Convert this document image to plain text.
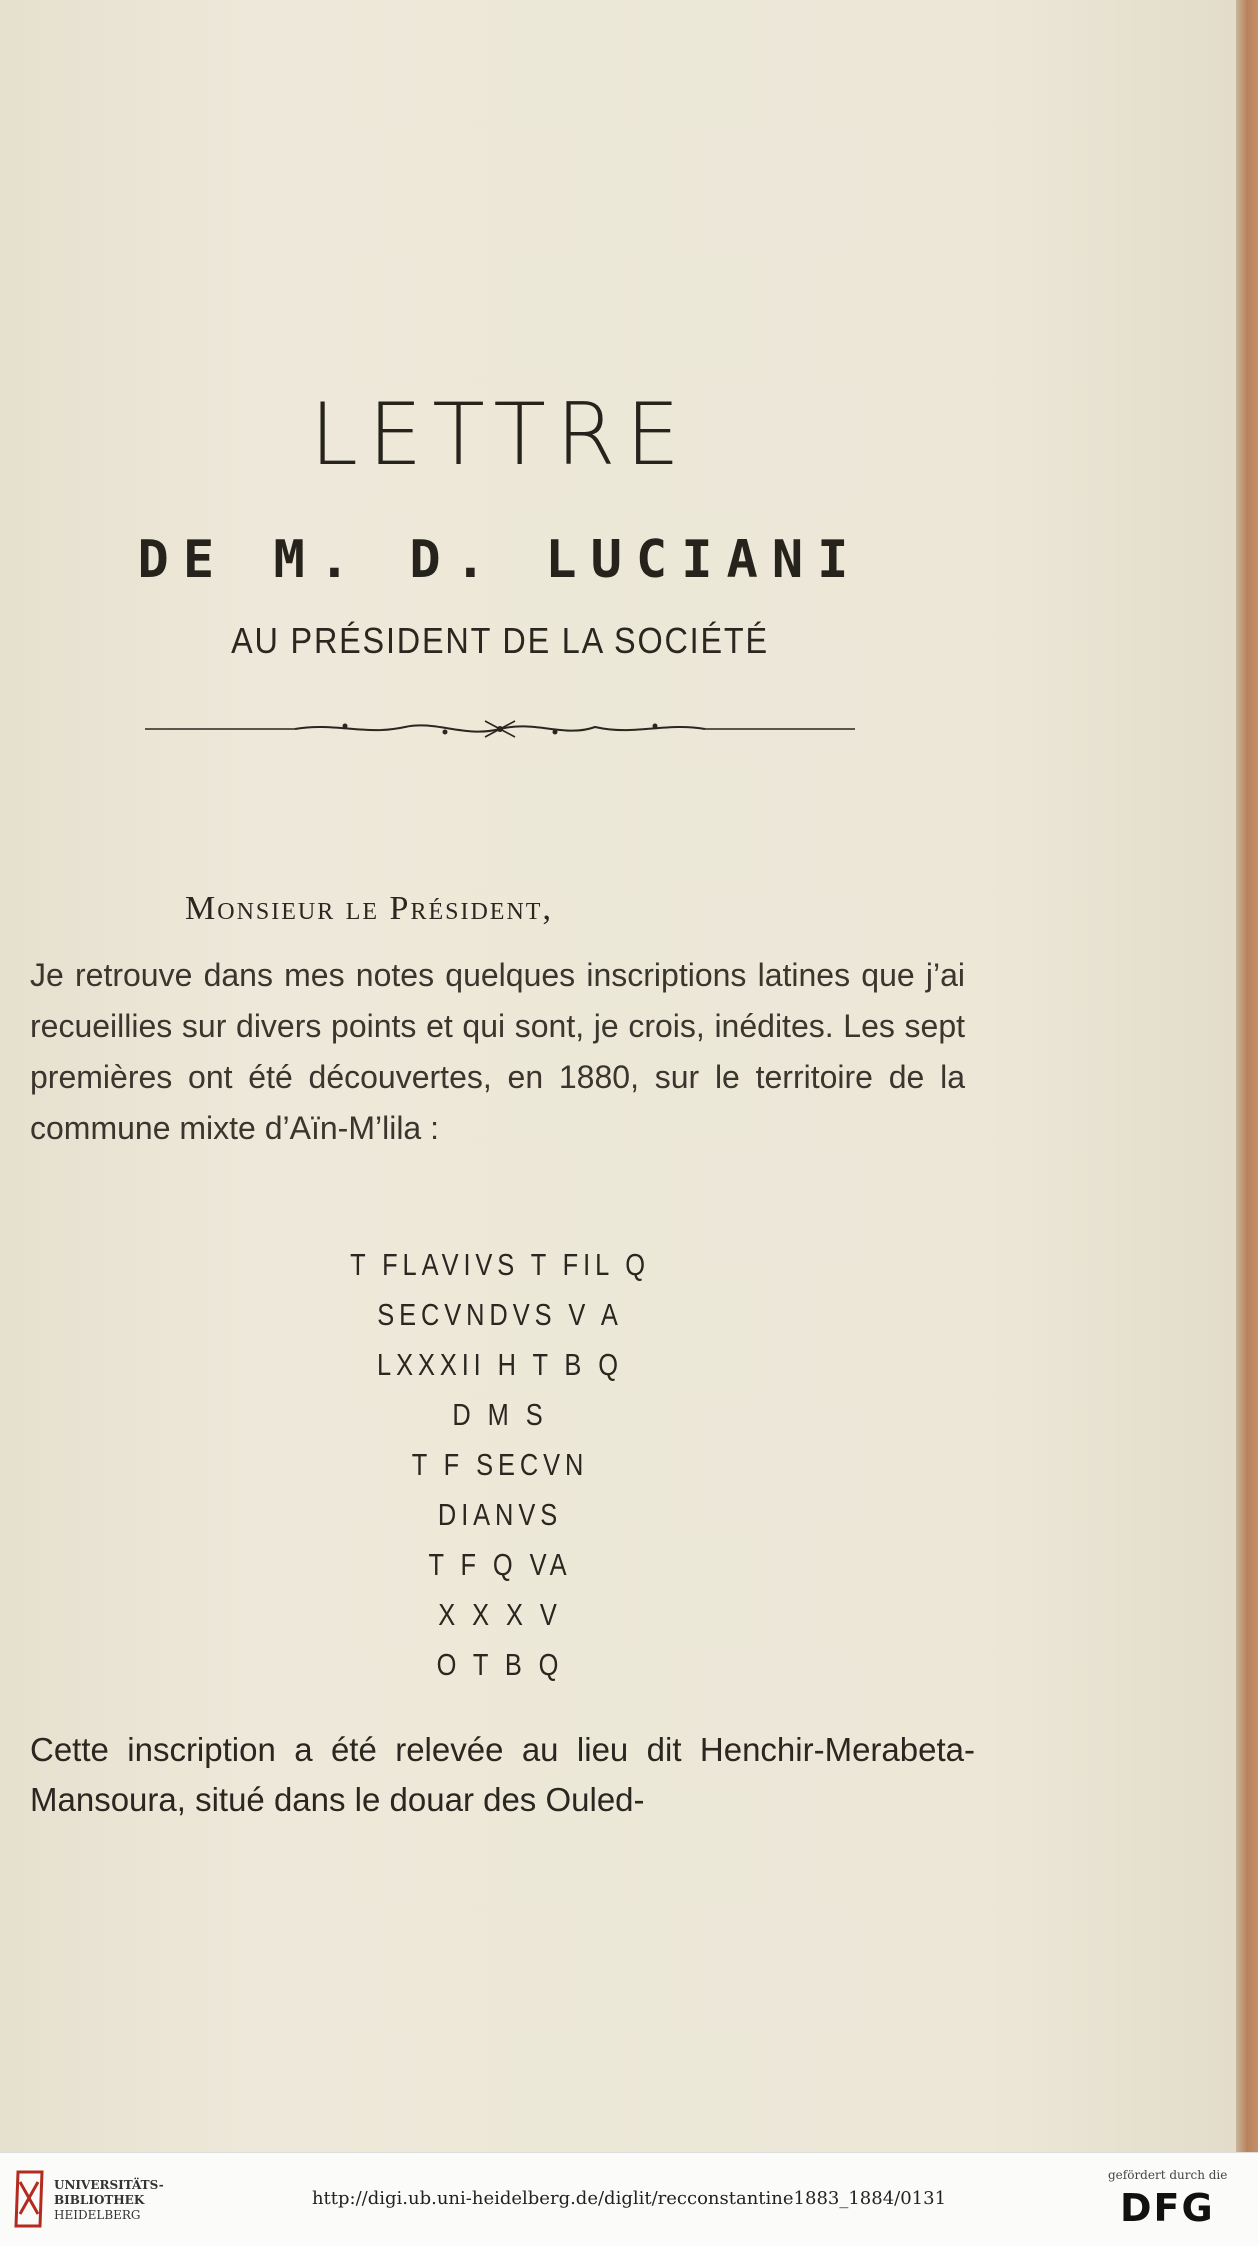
LETTRE
DE M. D. LUCIANI
AU PRÉSIDENT DE LA SOCIÉTÉ
Monsieur le Président,
Je retrouve dans mes notes quelques inscriptions latines que j’ai recueillies sur divers points et qui sont, je crois, inédites. Les sept premières ont été découvertes, en 1880, sur le territoire de la commune mixte d’Aïn-M’lila :
T FLAVIVS T FIL Q
SECVNDVS V A
LXXXII H T B Q
D M S
T F SECVN
DIANVS
T F Q VA
X X X V
O T B Q
Cette inscription a été relevée au lieu dit Henchir-Merabeta-Mansoura, situé dans le douar des Ouled-
UNIVERSITÄTS-
BIBLIOTHEK
HEIDELBERG
http://digi.ub.uni-heidelberg.de/diglit/recconstantine1883_1884/0131
gefördert durch die
DFG
